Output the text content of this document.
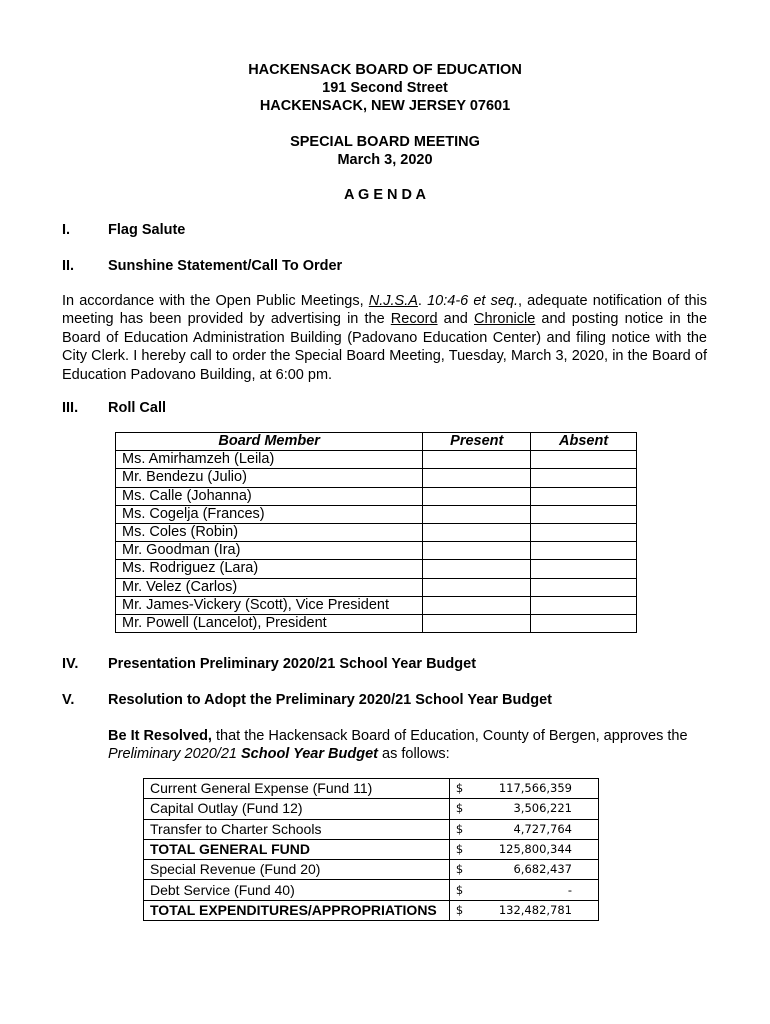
HACKENSACK BOARD OF EDUCATION
191 Second Street
HACKENSACK, NEW JERSEY 07601
SPECIAL BOARD MEETING
March 3, 2020
A G E N D A
I.	Flag Salute
II. Sunshine Statement/Call To Order
In accordance with the Open Public Meetings, N.J.S.A. 10:4-6 et seq., adequate notification of this meeting has been provided by advertising in the Record and Chronicle and posting notice in the Board of Education Administration Building (Padovano Education Center) and filing notice with the City Clerk. I hereby call to order the Special Board Meeting, Tuesday, March 3, 2020, in the Board of Education Padovano Building, at 6:00 pm.
III. Roll Call
Board Member	Present	Absent
Ms. Amirhamzeh (Leila)		
Mr. Bendezu (Julio)		
Ms. Calle (Johanna)		
Ms. Cogelja (Frances)		
Ms. Coles (Robin)		
Mr. Goodman (Ira)		
Ms. Rodriguez (Lara)		
Mr. Velez (Carlos)		
Mr. James-Vickery (Scott), Vice President		
Mr. Powell (Lancelot), President		
IV. Presentation Preliminary 2020/21 School Year Budget
V. Resolution to Adopt the Preliminary 2020/21 School Year Budget
Be It Resolved, that the Hackensack Board of Education, County of Bergen, approves the Preliminary 2020/21 School Year Budget as follows:
Current General Expense (Fund 11)	$ 117,566,359

Capital Outlay (Fund 12)	$ 3,506,221

Transfer to Charter Schools	$ 4,727,764

TOTAL GENERAL FUND	$ 125,800,344

Special Revenue (Fund 20)	$ 6,682,437

Debt Service (Fund 40)	$ -

TOTAL EXPENDITURES/APPROPRIATIONS	$ 132,482,781
